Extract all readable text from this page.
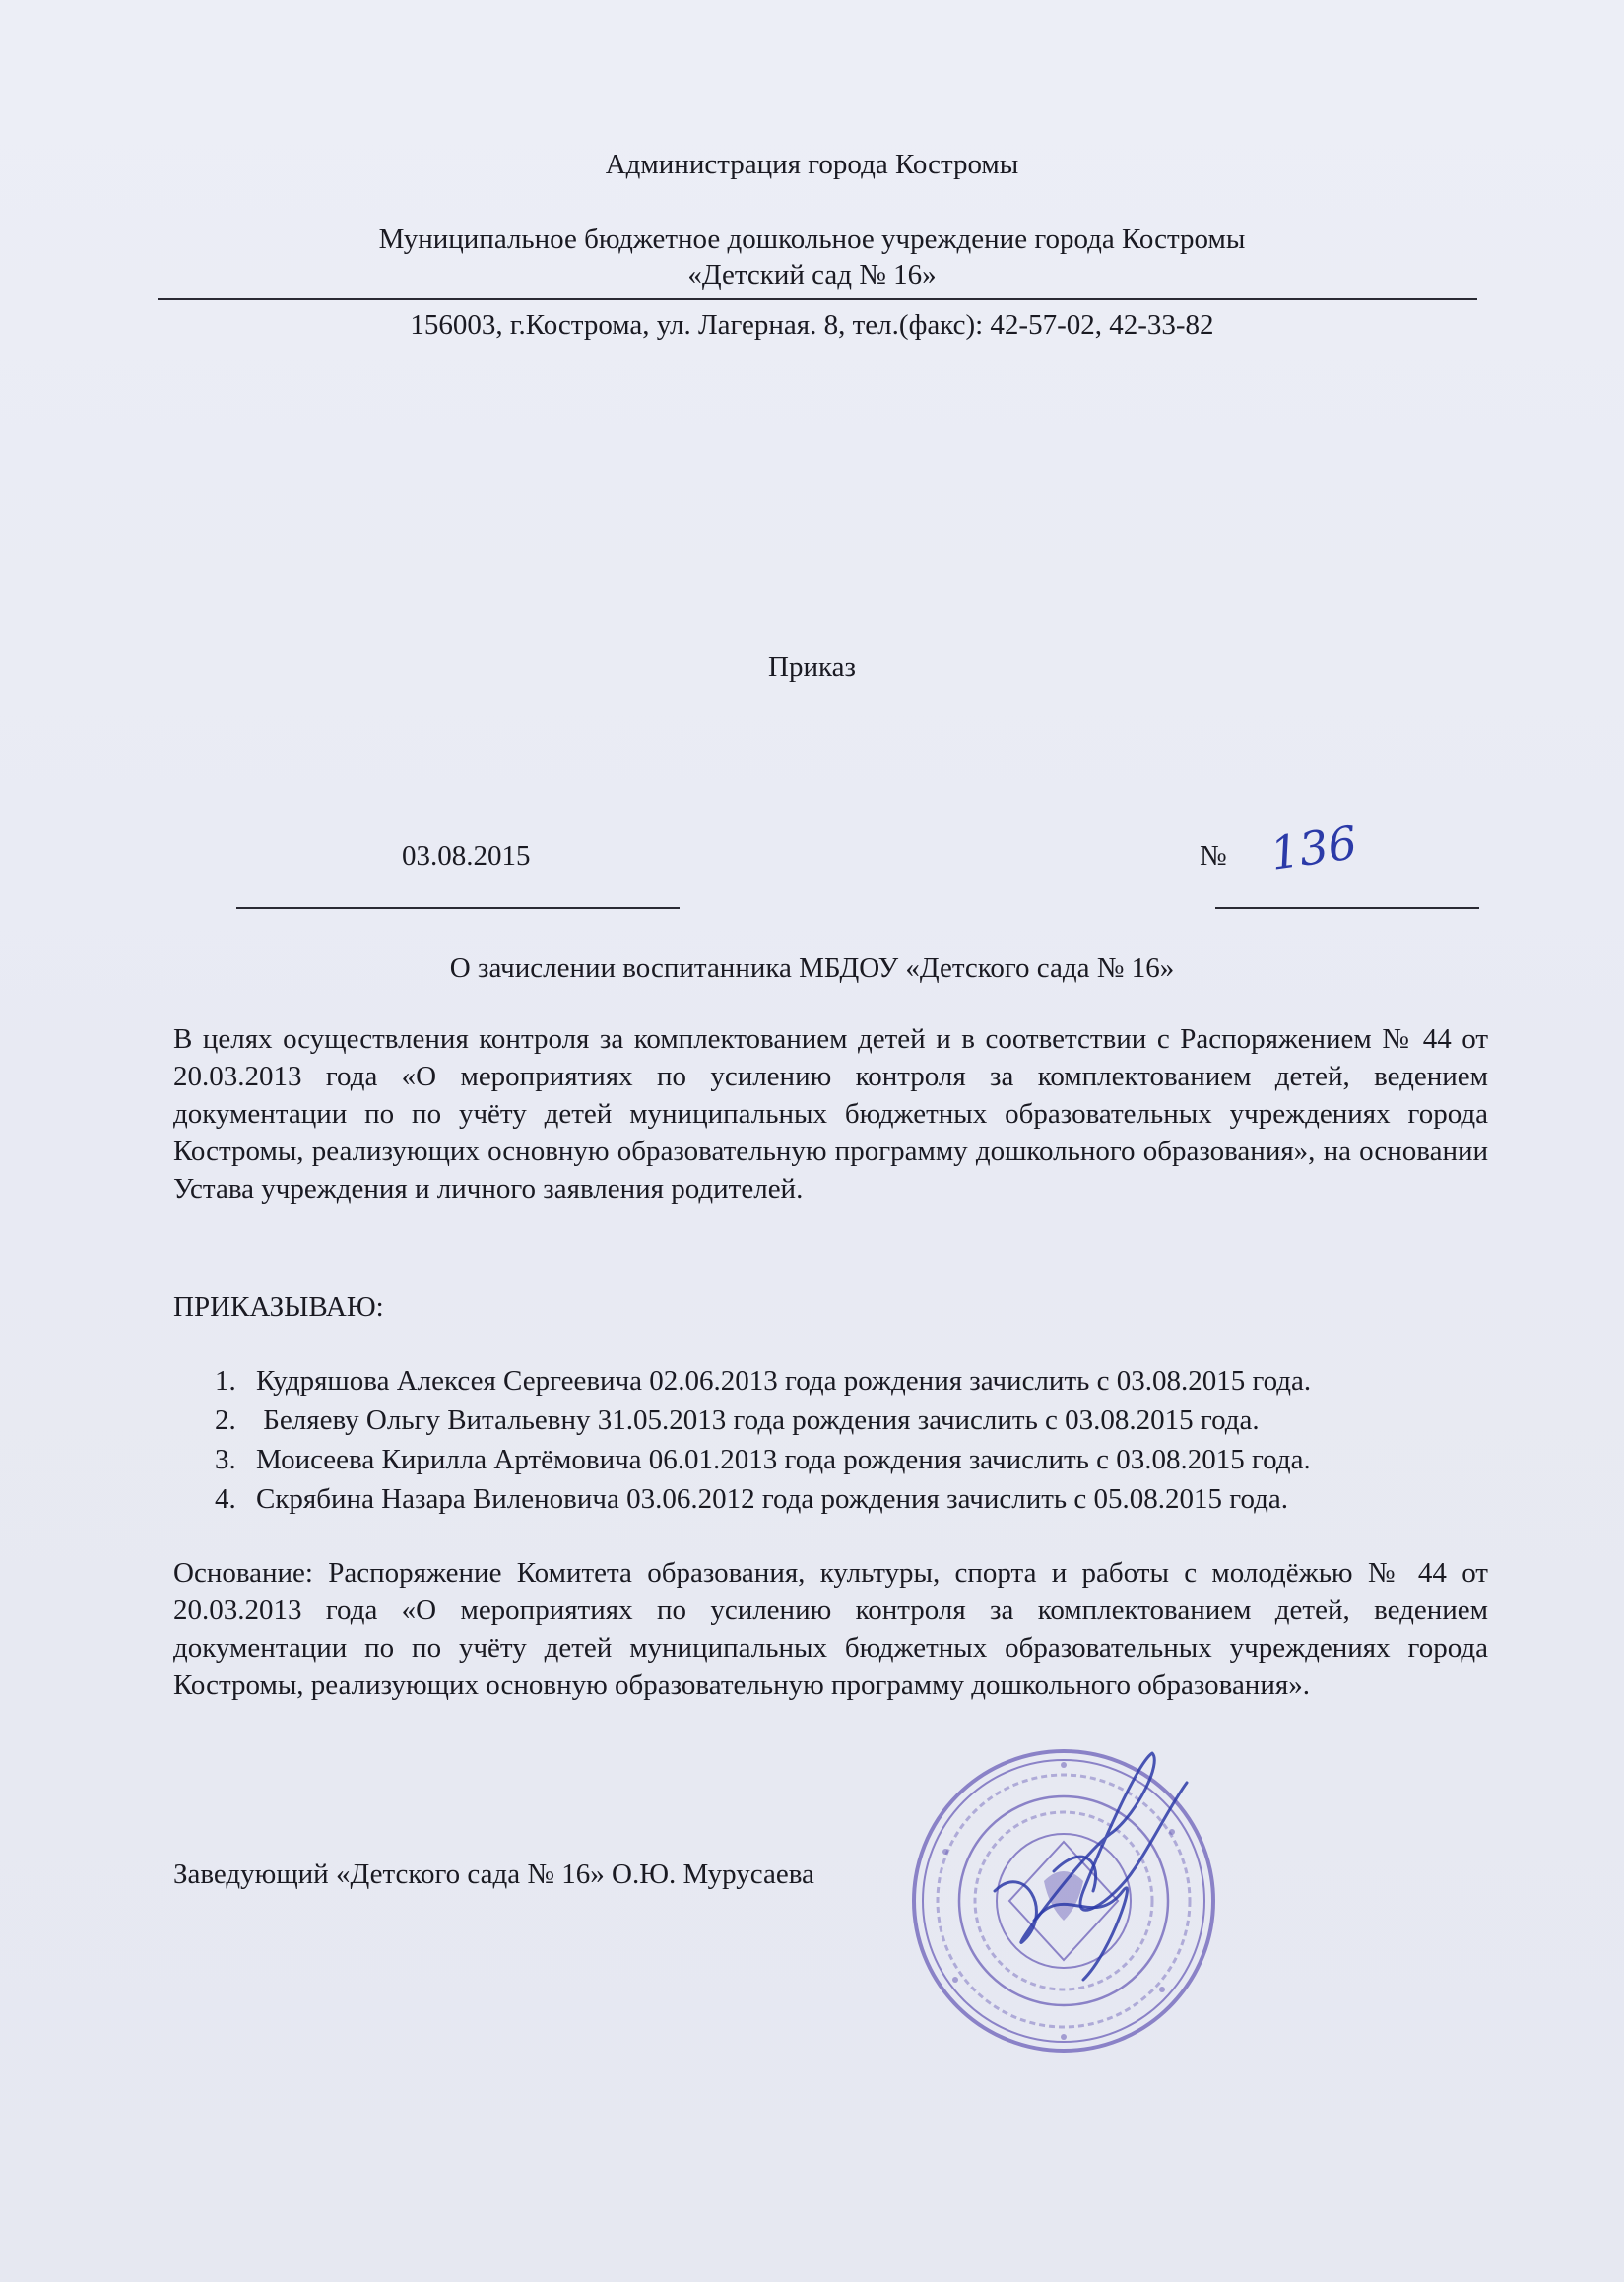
Администрация города Костромы
Муниципальное бюджетное дошкольное учреждение города Костромы
«Детский сад № 16»
156003, г.Кострома, ул. Лагерная. 8, тел.(факс): 42-57-02, 42-33-82
Приказ
03.08.2015	№ 136
О зачислении воспитанника МБДОУ «Детского сада № 16»
В целях осуществления контроля за комплектованием детей и в соответствии с Распоряжением № 44 от 20.03.2013 года «О мероприятиях по усилению контроля за комплектованием детей, ведением документации по по учёту детей муниципальных бюджетных образовательных учреждениях города Костромы, реализующих основную образовательную программу дошкольного образования», на основании Устава учреждения и личного заявления родителей.
ПРИКАЗЫВАЮ:
1. Кудряшова Алексея Сергеевича 02.06.2013 года рождения зачислить с 03.08.2015 года.
2. Беляеву Ольгу Витальевну 31.05.2013 года рождения зачислить с 03.08.2015 года.
3. Моисеева Кирилла Артёмовича 06.01.2013 года рождения зачислить с 03.08.2015 года.
4. Скрябина Назара Виленовича 03.06.2012 года рождения зачислить с 05.08.2015 года.
Основание: Распоряжение Комитета образования, культуры, спорта и работы с молодёжью № 44 от 20.03.2013 года «О мероприятиях по усилению контроля за комплектованием детей, ведением документации по по учёту детей муниципальных бюджетных образовательных учреждениях города Костромы, реализующих основную образовательную программу дошкольного образования».
Заведующий «Детского сада № 16» О.Ю. Мурусаева
